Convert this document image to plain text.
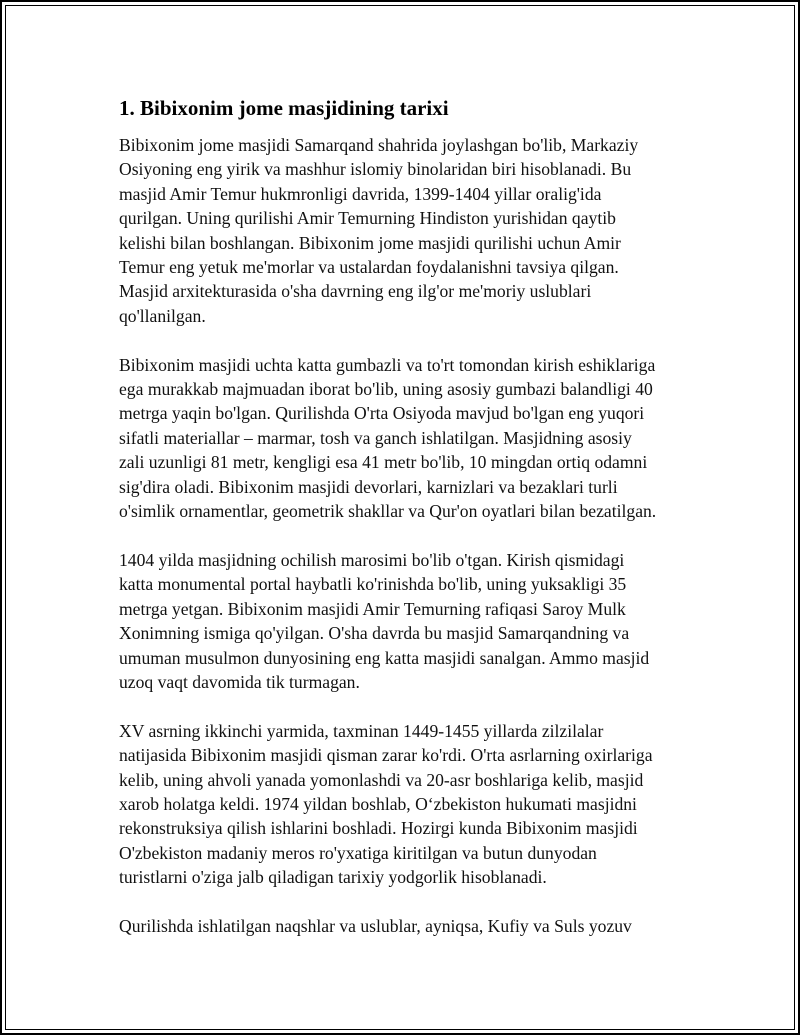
1. Bibixonim jome masjidining tarixi

Bibixonim jome masjidi Samarqand shahrida joylashgan bo'lib, Markaziy
Osiyoning eng yirik va mashhur islomiy binolaridan biri hisoblanadi. Bu
masjid Amir Temur hukmronligi davrida, 1399-1404 yillar oralig'ida
qurilgan. Uning qurilishi Amir Temurning Hindiston yurishidan qaytib
kelishi bilan boshlangan. Bibixonim jome masjidi qurilishi uchun Amir
Temur eng yetuk me'morlar va ustalardan foydalanishni tavsiya qilgan.
Masjid arxitekturasida o'sha davrning eng ilg'or me'moriy uslublari
qo'llanilgan.

Bibixonim masjidi uchta katta gumbazli va to'rt tomondan kirish eshiklariga
ega murakkab majmuadan iborat bo'lib, uning asosiy gumbazi balandligi 40
metrga yaqin bo'lgan. Qurilishda O'rta Osiyoda mavjud bo'lgan eng yuqori
sifatli materiallar – marmar, tosh va ganch ishlatilgan. Masjidning asosiy
zali uzunligi 81 metr, kengligi esa 41 metr bo'lib, 10 mingdan ortiq odamni
sig'dira oladi. Bibixonim masjidi devorlari, karnizlari va bezaklari turli
o'simlik ornamentlar, geometrik shakllar va Qur'on oyatlari bilan bezatilgan.

1404 yilda masjidning ochilish marosimi bo'lib o'tgan. Kirish qismidagi
katta monumental portal haybatli ko'rinishda bo'lib, uning yuksakligi 35
metrga yetgan. Bibixonim masjidi Amir Temurning rafiqasi Saroy Mulk
Xonimning ismiga qo'yilgan. O'sha davrda bu masjid Samarqandning va
umuman musulmon dunyosining eng katta masjidi sanalgan. Ammo masjid
uzoq vaqt davomida tik turmagan.

XV asrning ikkinchi yarmida, taxminan 1449-1455 yillarda zilzilalar
natijasida Bibixonim masjidi qisman zarar ko'rdi. O'rta asrlarning oxirlariga
kelib, uning ahvoli yanada yomonlashdi va 20-asr boshlariga kelib, masjid
xarob holatga keldi. 1974 yildan boshlab, O‘zbekiston hukumati masjidni
rekonstruksiya qilish ishlarini boshladi. Hozirgi kunda Bibixonim masjidi
O'zbekiston madaniy meros ro'yxatiga kiritilgan va butun dunyodan
turistlarni o'ziga jalb qiladigan tarixiy yodgorlik hisoblanadi.

Qurilishda ishlatilgan naqshlar va uslublar, ayniqsa, Kufiy va Suls yozuv
